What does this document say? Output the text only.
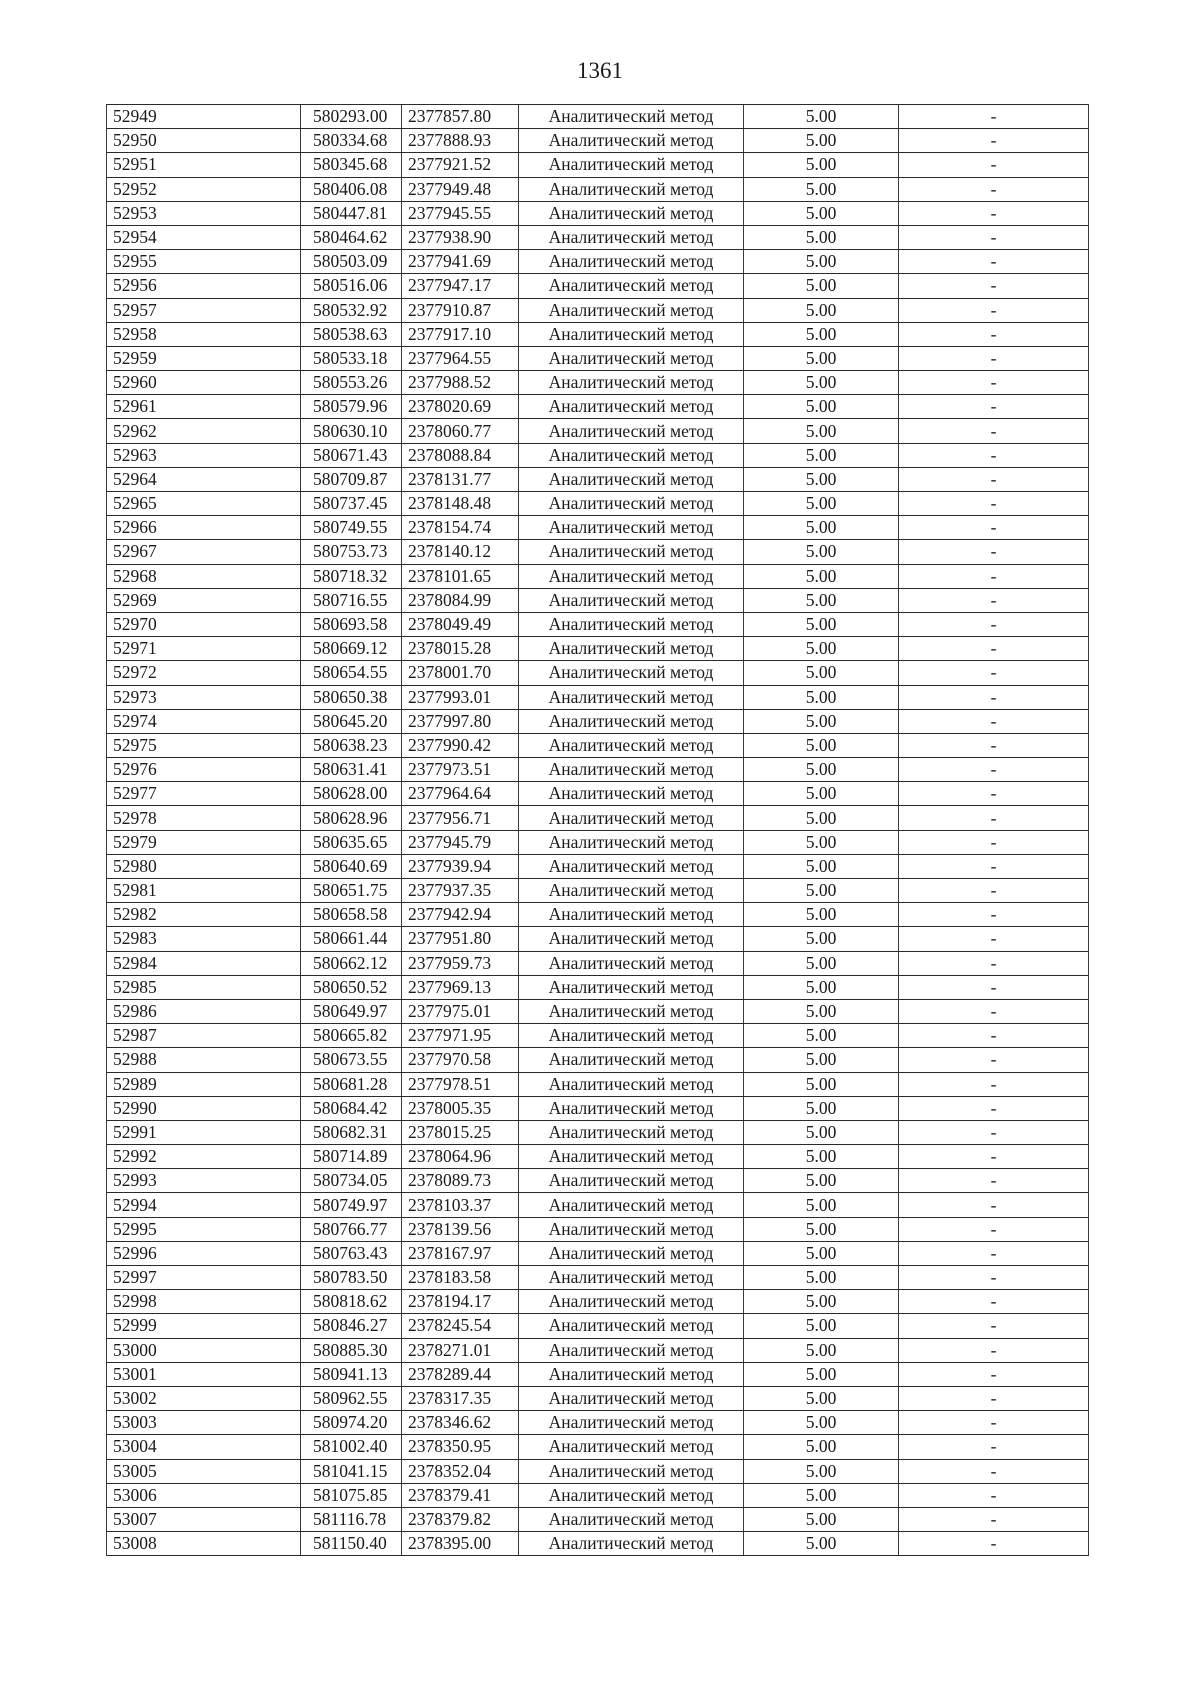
1361
52949	580293.00	2377857.80	Аналитический метод	5.00	-
52950	580334.68	2377888.93	Аналитический метод	5.00	-
52951	580345.68	2377921.52	Аналитический метод	5.00	-
52952	580406.08	2377949.48	Аналитический метод	5.00	-
52953	580447.81	2377945.55	Аналитический метод	5.00	-
52954	580464.62	2377938.90	Аналитический метод	5.00	-
52955	580503.09	2377941.69	Аналитический метод	5.00	-
52956	580516.06	2377947.17	Аналитический метод	5.00	-
52957	580532.92	2377910.87	Аналитический метод	5.00	-
52958	580538.63	2377917.10	Аналитический метод	5.00	-
52959	580533.18	2377964.55	Аналитический метод	5.00	-
52960	580553.26	2377988.52	Аналитический метод	5.00	-
52961	580579.96	2378020.69	Аналитический метод	5.00	-
52962	580630.10	2378060.77	Аналитический метод	5.00	-
52963	580671.43	2378088.84	Аналитический метод	5.00	-
52964	580709.87	2378131.77	Аналитический метод	5.00	-
52965	580737.45	2378148.48	Аналитический метод	5.00	-
52966	580749.55	2378154.74	Аналитический метод	5.00	-
52967	580753.73	2378140.12	Аналитический метод	5.00	-
52968	580718.32	2378101.65	Аналитический метод	5.00	-
52969	580716.55	2378084.99	Аналитический метод	5.00	-
52970	580693.58	2378049.49	Аналитический метод	5.00	-
52971	580669.12	2378015.28	Аналитический метод	5.00	-
52972	580654.55	2378001.70	Аналитический метод	5.00	-
52973	580650.38	2377993.01	Аналитический метод	5.00	-
52974	580645.20	2377997.80	Аналитический метод	5.00	-
52975	580638.23	2377990.42	Аналитический метод	5.00	-
52976	580631.41	2377973.51	Аналитический метод	5.00	-
52977	580628.00	2377964.64	Аналитический метод	5.00	-
52978	580628.96	2377956.71	Аналитический метод	5.00	-
52979	580635.65	2377945.79	Аналитический метод	5.00	-
52980	580640.69	2377939.94	Аналитический метод	5.00	-
52981	580651.75	2377937.35	Аналитический метод	5.00	-
52982	580658.58	2377942.94	Аналитический метод	5.00	-
52983	580661.44	2377951.80	Аналитический метод	5.00	-
52984	580662.12	2377959.73	Аналитический метод	5.00	-
52985	580650.52	2377969.13	Аналитический метод	5.00	-
52986	580649.97	2377975.01	Аналитический метод	5.00	-
52987	580665.82	2377971.95	Аналитический метод	5.00	-
52988	580673.55	2377970.58	Аналитический метод	5.00	-
52989	580681.28	2377978.51	Аналитический метод	5.00	-
52990	580684.42	2378005.35	Аналитический метод	5.00	-
52991	580682.31	2378015.25	Аналитический метод	5.00	-
52992	580714.89	2378064.96	Аналитический метод	5.00	-
52993	580734.05	2378089.73	Аналитический метод	5.00	-
52994	580749.97	2378103.37	Аналитический метод	5.00	-
52995	580766.77	2378139.56	Аналитический метод	5.00	-
52996	580763.43	2378167.97	Аналитический метод	5.00	-
52997	580783.50	2378183.58	Аналитический метод	5.00	-
52998	580818.62	2378194.17	Аналитический метод	5.00	-
52999	580846.27	2378245.54	Аналитический метод	5.00	-
53000	580885.30	2378271.01	Аналитический метод	5.00	-
53001	580941.13	2378289.44	Аналитический метод	5.00	-
53002	580962.55	2378317.35	Аналитический метод	5.00	-
53003	580974.20	2378346.62	Аналитический метод	5.00	-
53004	581002.40	2378350.95	Аналитический метод	5.00	-
53005	581041.15	2378352.04	Аналитический метод	5.00	-
53006	581075.85	2378379.41	Аналитический метод	5.00	-
53007	581116.78	2378379.82	Аналитический метод	5.00	-
53008	581150.40	2378395.00	Аналитический метод	5.00	-
